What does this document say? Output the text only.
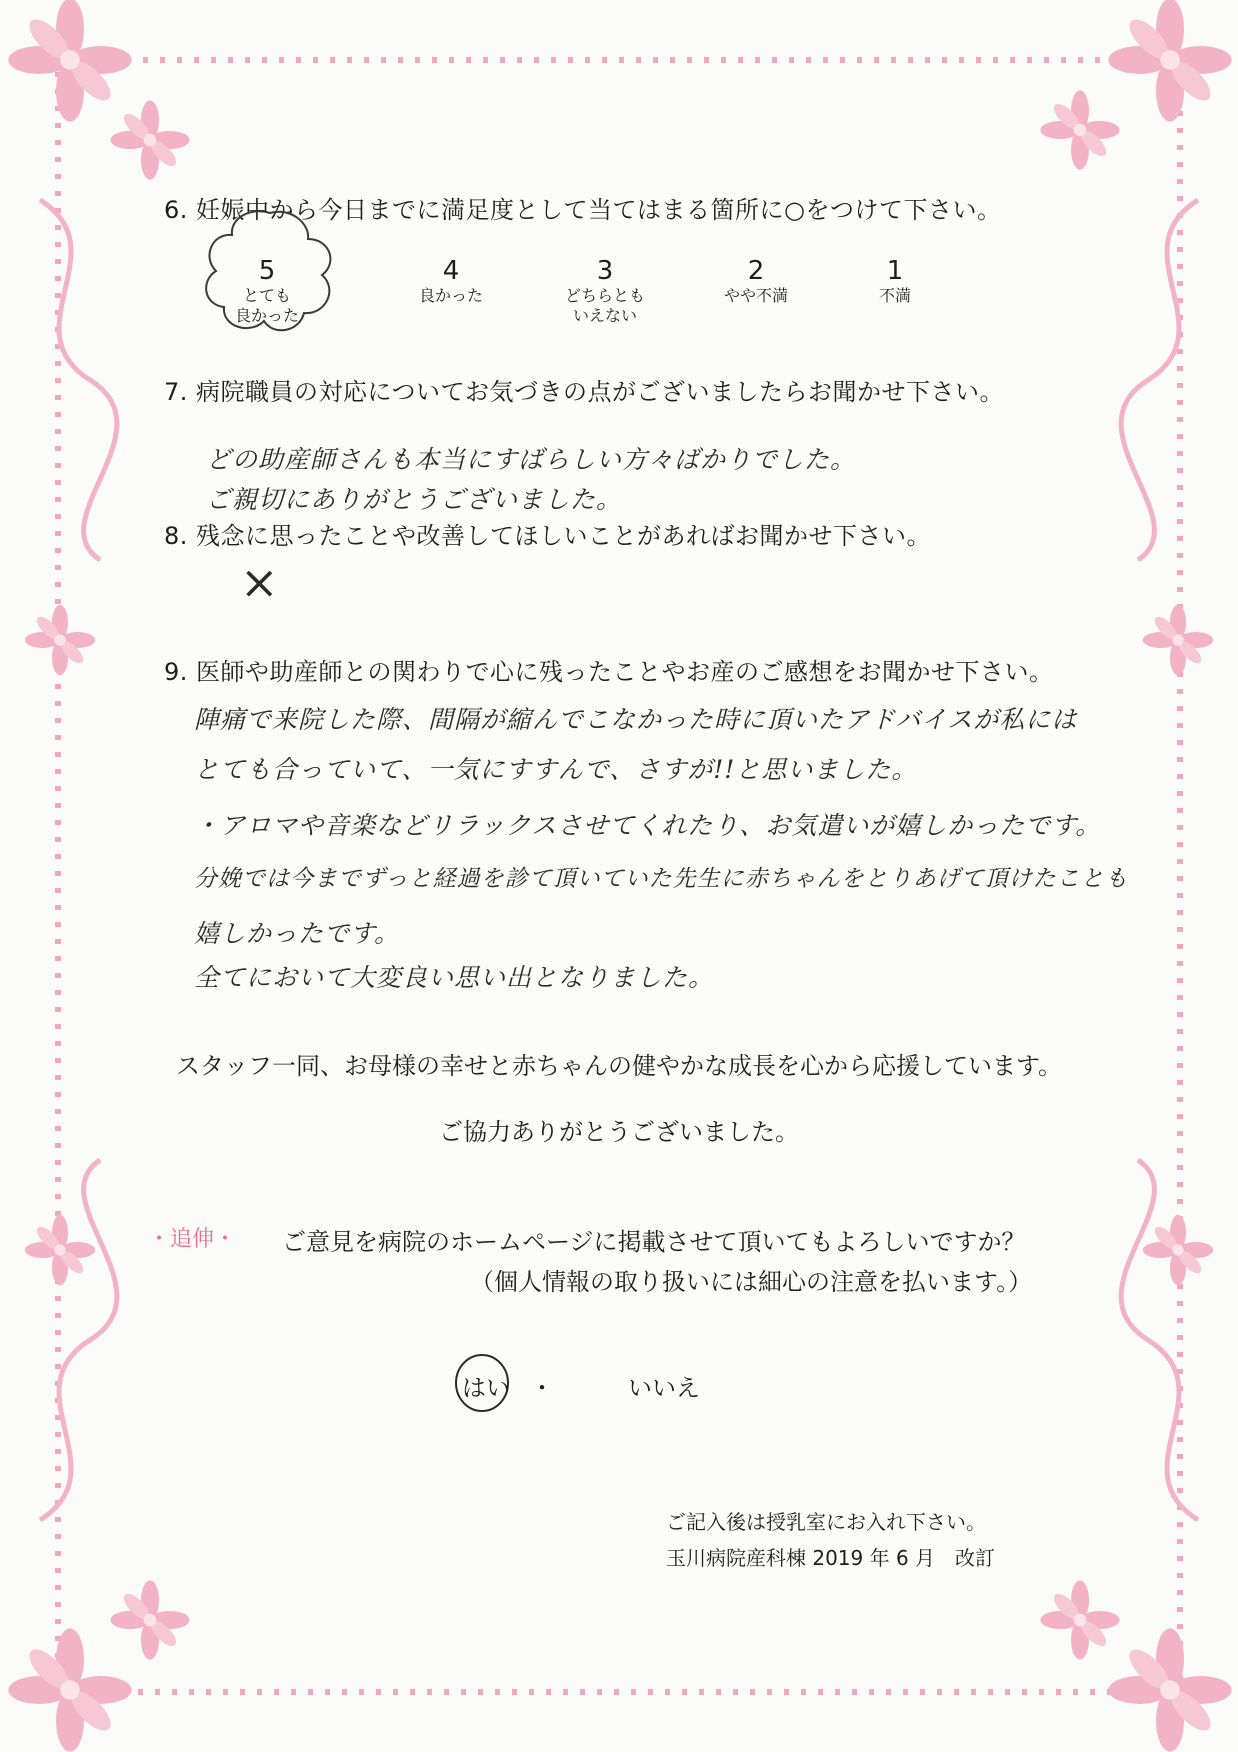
6. 妊娠中から今日までに満足度として当てはまる箇所に○をつけて下さい。
5
とても
良かった
4
良かった
3
どちらとも
いえない
2
やや不満
1
不満
7. 病院職員の対応についてお気づきの点がございましたらお聞かせ下さい。
どの助産師さんも本当にすばらしい方々ばかりでした。
ご親切にありがとうございました。
8. 残念に思ったことや改善してほしいことがあればお聞かせ下さい。
×
9. 医師や助産師との関わりで心に残ったことやお産のご感想をお聞かせ下さい。
陣痛で来院した際、間隔が縮んでこなかった時に頂いたアドバイスが私には
とても合っていて、一気にすすんで、さすが!!と思いました。
・アロマや音楽などリラックスさせてくれたり、お気遣いが嬉しかったです。
分娩では今までずっと経過を診て頂いていた先生に赤ちゃんをとりあげて頂けたことも
嬉しかったです。
全てにおいて大変良い思い出となりました。
スタッフ一同、お母様の幸せと赤ちゃんの健やかな成長を心から応援しています。
ご協力ありがとうございました。
・追伸・ ご意見を病院のホームページに掲載させて頂いてもよろしいですか？
（個人情報の取り扱いには細心の注意を払います。）
はい ・	いいえ
ご記入後は授乳室にお入れ下さい。
玉川病院産科棟 2019 年 6 月　改訂
